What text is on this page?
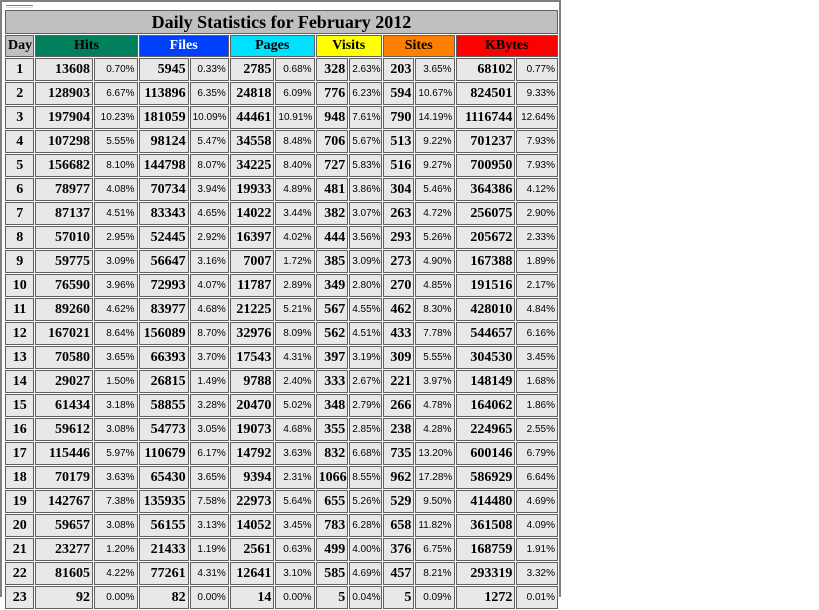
Daily Statistics for February 2012												
Day	Hits		Files		Pages		Visits		Sites		KBytes	
1	13608	0.70%	5945	0.33%	2785	0.68%	328	2.63%	203	3.65%	68102	0.77%
2	128903	6.67%	113896	6.35%	24818	6.09%	776	6.23%	594	10.67%	824501	9.33%
3	197904	10.23%	181059	10.09%	44461	10.91%	948	7.61%	790	14.19%	1116744	12.64%
4	107298	5.55%	98124	5.47%	34558	8.48%	706	5.67%	513	9.22%	701237	7.93%
5	156682	8.10%	144798	8.07%	34225	8.40%	727	5.83%	516	9.27%	700950	7.93%
6	78977	4.08%	70734	3.94%	19933	4.89%	481	3.86%	304	5.46%	364386	4.12%
7	87137	4.51%	83343	4.65%	14022	3.44%	382	3.07%	263	4.72%	256075	2.90%
8	57010	2.95%	52445	2.92%	16397	4.02%	444	3.56%	293	5.26%	205672	2.33%
9	59775	3.09%	56647	3.16%	7007	1.72%	385	3.09%	273	4.90%	167388	1.89%
10	76590	3.96%	72993	4.07%	11787	2.89%	349	2.80%	270	4.85%	191516	2.17%
11	89260	4.62%	83977	4.68%	21225	5.21%	567	4.55%	462	8.30%	428010	4.84%
12	167021	8.64%	156089	8.70%	32976	8.09%	562	4.51%	433	7.78%	544657	6.16%
13	70580	3.65%	66393	3.70%	17543	4.31%	397	3.19%	309	5.55%	304530	3.45%
14	29027	1.50%	26815	1.49%	9788	2.40%	333	2.67%	221	3.97%	148149	1.68%
15	61434	3.18%	58855	3.28%	20470	5.02%	348	2.79%	266	4.78%	164062	1.86%
16	59612	3.08%	54773	3.05%	19073	4.68%	355	2.85%	238	4.28%	224965	2.55%
17	115446	5.97%	110679	6.17%	14792	3.63%	832	6.68%	735	13.20%	600146	6.79%
18	70179	3.63%	65430	3.65%	9394	2.31%	1066	8.55%	962	17.28%	586929	6.64%
19	142767	7.38%	135935	7.58%	22973	5.64%	655	5.26%	529	9.50%	414480	4.69%
20	59657	3.08%	56155	3.13%	14052	3.45%	783	6.28%	658	11.82%	361508	4.09%
21	23277	1.20%	21433	1.19%	2561	0.63%	499	4.00%	376	6.75%	168759	1.91%
22	81605	4.22%	77261	4.31%	12641	3.10%	585	4.69%	457	8.21%	293319	3.32%
23	92	0.00%	82	0.00%	14	0.00%	5	0.04%	5	0.09%	1272	0.01%
